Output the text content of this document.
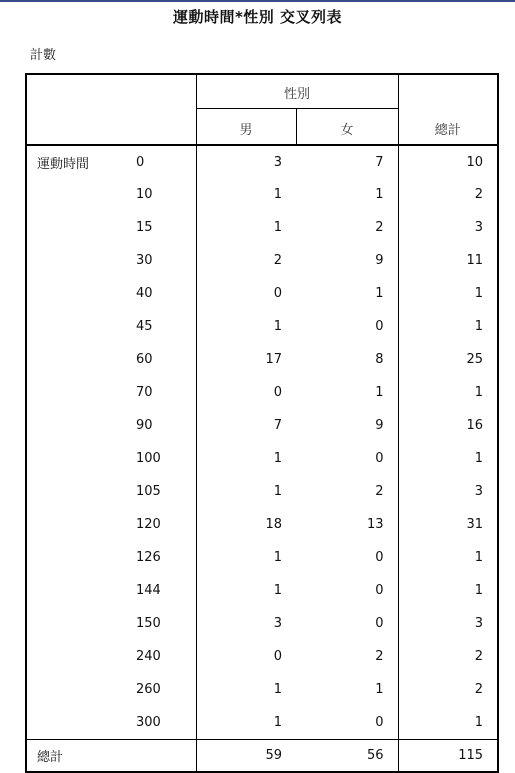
運動時間*性別 交叉列表
計數
		性別		
		男	女	總計
運動時間	0	3	7	10
	10	1	1	2
	15	1	2	3
	30	2	9	11
	40	0	1	1
	45	1	0	1
	60	17	8	25
	70	0	1	1
	90	7	9	16
	100	1	0	1
	105	1	2	3
	120	18	13	31
	126	1	0	1
	144	1	0	1
	150	3	0	3
	240	0	2	2
	260	1	1	2
	300	1	0	1
總計		59	56	115
